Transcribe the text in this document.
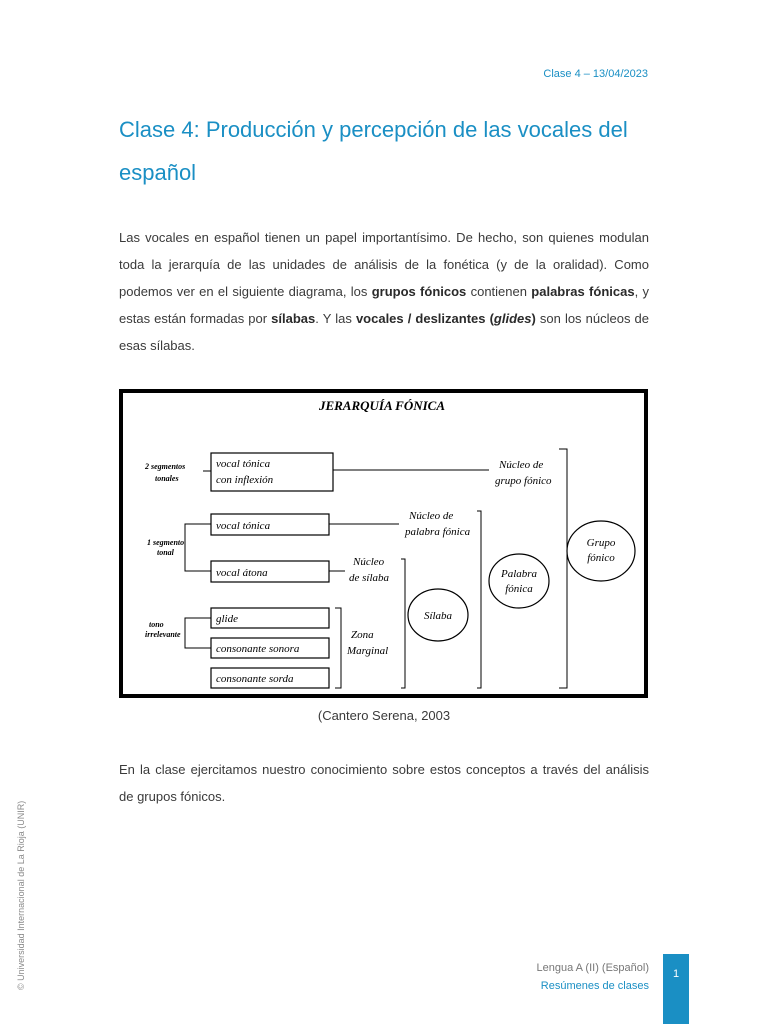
Clase 4 – 13/04/2023
Clase 4: Producción y percepción de las vocales del español

Las vocales en español tienen un papel importantísimo. De hecho, son quienes modulan toda la jerarquía de las unidades de análisis de la fonética (y de la oralidad). Como podemos ver en el siguiente diagrama, los grupos fónicos contienen palabras fónicas, y estas están formadas por sílabas. Y las vocales / deslizantes (glides) son los núcleos de esas sílabas.

JERARQUÍA FÓNICA
vocal tónica
con inflexión
vocal tónica
vocal átona
glide
consonante sonora
consonante sorda
2 segmentos
tonales
1 segmento
tonal
tono
irrelevante
Núcleo de
grupo fónico
Núcleo de
palabra fónica
Núcleo
de sílaba
Zona
Marginal
Sílaba
Palabra
fónica
Grupo
fónico
(Cantero Serena, 2003

En la clase ejercitamos nuestro conocimiento sobre estos conceptos a través del análisis de grupos fónicos.

© Universidad Internacional de La Rioja (UNIR)	Lengua A (II) (Español)
Resúmenes de clases
1
